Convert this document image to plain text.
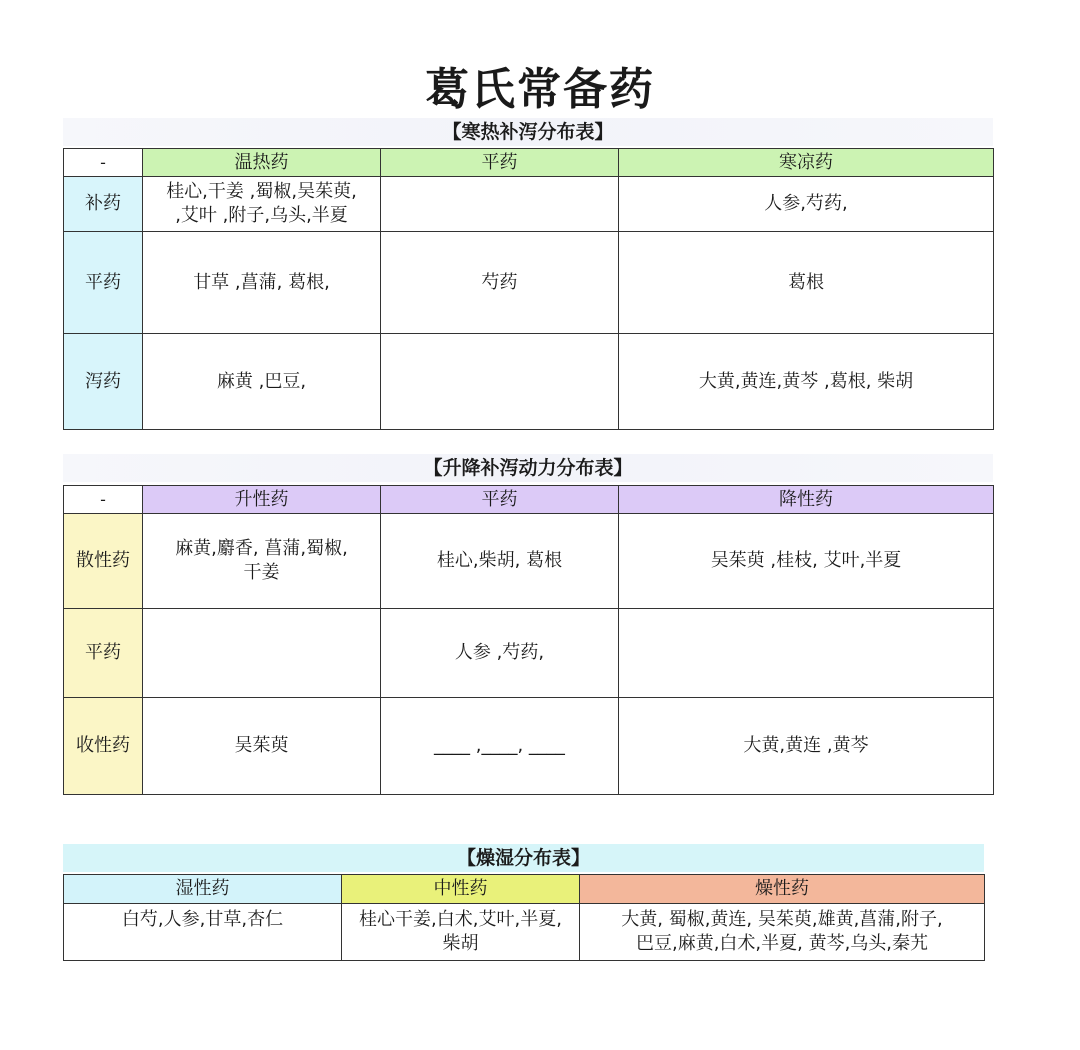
葛氏常备药
【寒热补泻分布表】
-	温热药	平药	寒凉药
补药	桂心,干姜 ,蜀椒,吴茱萸,
,艾叶 ,附子,乌头,半夏		人参,芍药,
平药	甘草 ,菖蒲, 葛根,	芍药	葛根
泻药	麻黄 ,巴豆,		大黄,黄连,黄芩 ,葛根, 柴胡
【升降补泻动力分布表】
-	升性药	平药	降性药
散性药	麻黄,麝香, 菖蒲,蜀椒,
干姜	桂心,柴胡, 葛根	吴茱萸 ,桂枝, 艾叶,半夏
平药		人参 ,芍药,	
收性药	吴茱萸	____ ,____, ____	大黄,黄连 ,黄芩
【燥湿分布表】
湿性药	中性药	燥性药
白芍,人参,甘草,杏仁	桂心干姜,白术,艾叶,半夏,
柴胡	大黄, 蜀椒,黄连, 吴茱萸,雄黄,菖蒲,附子,
巴豆,麻黄,白术,半夏, 黄芩,乌头,秦艽
